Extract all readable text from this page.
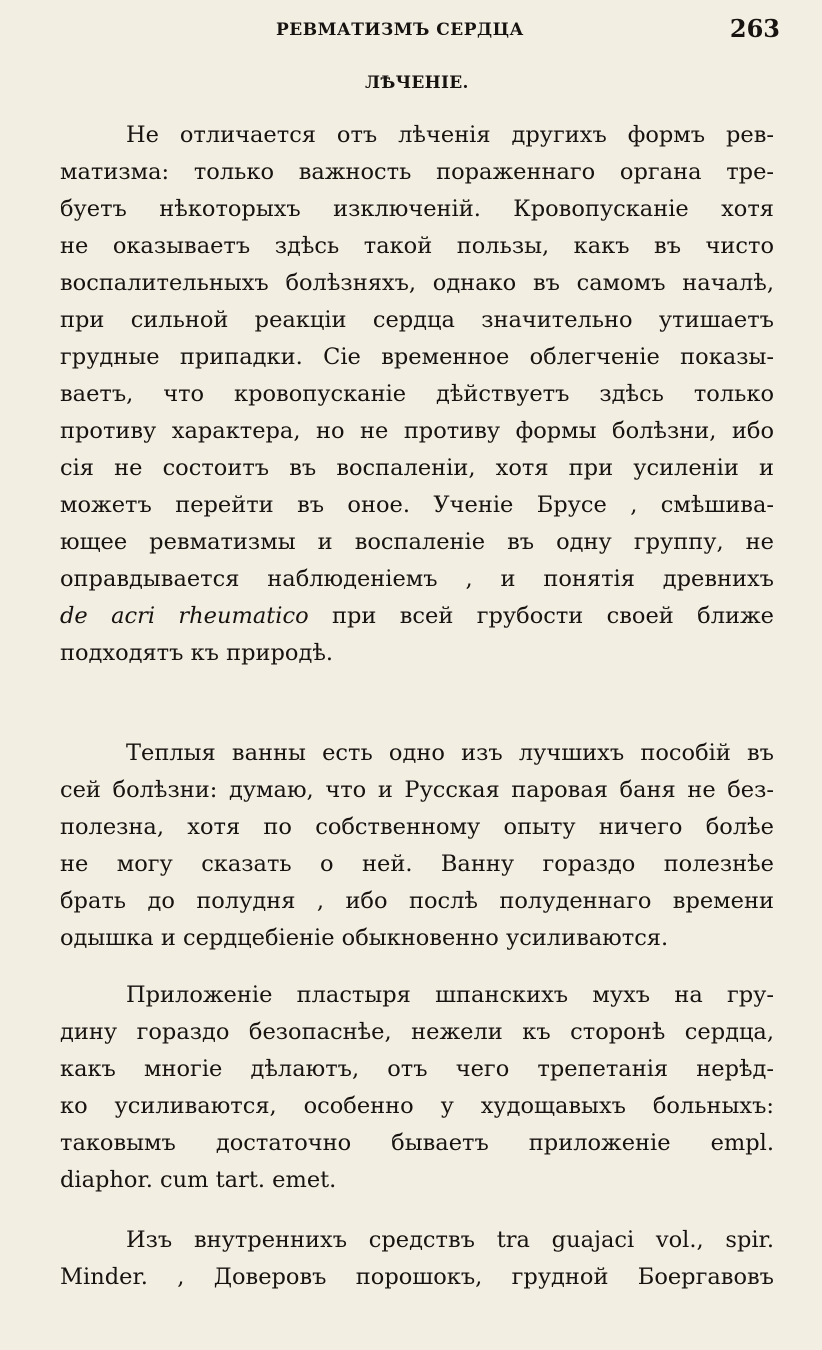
РЕВМАТИЗМЪ СЕРДЦА	263
ЛѢЧЕНІЕ.
Не отличается отъ лѣченія другихъ формъ рев-
матизма: только важность пораженнаго органа тре-
буетъ нѣкоторыхъ изключеній. Кровопусканіе хотя
не оказываетъ здѣсь такой пользы, какъ въ чисто
воспалительныхъ болѣзняхъ, однако въ самомъ началѣ,
при сильной реакціи сердца значительно утишаетъ
грудные припадки. Сіе временное облегченіе показы-
ваетъ, что кровопусканіе дѣйствуетъ здѣсь только
противу характера, но не противу формы болѣзни, ибо
сія не состоитъ въ воспаленіи, хотя при усиленіи и
можетъ перейти въ оное. Ученіе Брусе , смѣшива-
ющее ревматизмы и воспаленіе въ одну группу, не
оправдывается наблюденіемъ , и понятія древнихъ
de acri rheumatico при всей грубости своей ближе
подходятъ къ природѣ.
Теплыя ванны есть одно изъ лучшихъ пособій въ
сей болѣзни: думаю, что и Русская паровая баня не без-
полезна, хотя по собственному опыту ничего болѣе
не могу сказать о ней. Ванну гораздо полезнѣе
брать до полудня , ибо послѣ полуденнаго времени
одышка и сердцебіеніе обыкновенно усиливаются.
Приложеніе пластыря шпанскихъ мухъ на гру-
дину гораздо безопаснѣе, нежели къ сторонѣ сердца,
какъ многіе дѣлаютъ, отъ чего трепетанія нерѣд-
ко усиливаются, особенно у худощавыхъ больныхъ:
таковымъ достаточно бываетъ приложеніе empl.
diaphor. cum tart. emet.
Изъ внутреннихъ средствъ tra guajaci vol., spir.
Minder. , Доверовъ порошокъ, грудной Боергавовъ
